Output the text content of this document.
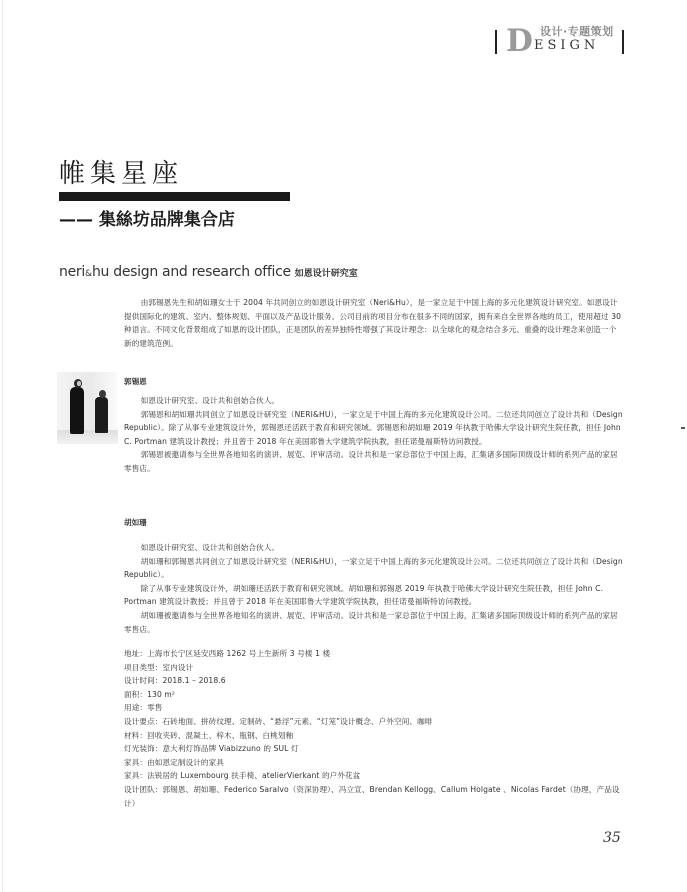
D 设计·专题策划
ESIGN
帷集星座
—— 集絲坊品牌集合店
neri&hu design and research office 如恩设计研究室

由郭锡恩先生和胡如珊女士于 2004 年共同创立的如恩设计研究室（Neri&Hu），是一家立足于中国上海的多元化建筑设计研究室。如恩设计提供国际化的建筑、室内、整体规划、平面以及产品设计服务。公司目前的项目分布在很多不同的国家，拥有来自全世界各地的员工，使用超过 30 种语言。不同文化背景组成了如恩的设计团队，正是团队的差异独特性增强了其设计理念：以全球化的观念结合多元、重叠的设计理念来创造一个新的建筑范例。

郭锡恩

如恩设计研究室、设计共和创始合伙人。

郭锡恩和胡如珊共同创立了如恩设计研究室（NERI&HU），一家立足于中国上海的多元化建筑设计公司。二位还共同创立了设计共和（Design Republic）。除了从事专业建筑设计外，郭锡恩还活跃于教育和研究领域。郭锡恩和胡如珊 2019 年执教于哈佛大学设计研究生院任教，担任 John C. Portman 建筑设计教授；并且曾于 2018 年在美国耶鲁大学建筑学院执教，担任诺曼福斯特访问教授。

郭锡恩被邀请参与全世界各地知名的演讲、展览、评审活动。设计共和是一家总部位于中国上海，汇集诸多国际顶级设计师的系列产品的家居零售店。

胡如珊

如恩设计研究室、设计共和创始合伙人。

胡如珊和郭锡恩共同创立了如恩设计研究室（NERI&HU），一家立足于中国上海的多元化建筑设计公司。二位还共同创立了设计共和（Design Republic）。

除了从事专业建筑设计外，胡如珊还活跃于教育和研究领域。胡如珊和郭锡恩 2019 年执教于哈佛大学设计研究生院任教，担任 John C. Portman 建筑设计教授；并且曾于 2018 年在美国耶鲁大学建筑学院执教，担任诺曼福斯特访问教授。

胡如珊被邀请参与全世界各地知名的演讲、展览、评审活动。设计共和是一家总部位于中国上海，汇集诸多国际顶级设计师的系列产品的家居零售店。

地址：上海市长宁区延安西路 1262 号上生新所 3 号楼 1 楼

项目类型：室内设计

设计时间：2018.1 – 2018.6

面积：130 m²

用途：零售

设计要点：石砖地面、拼砖纹理、定制砖、“悬浮”元素、“灯笼”设计概念、户外空间、咖啡

材料：回收夹砖、混凝土、梓木、瓶钢、白桃划釉

灯光装饰：意大利灯饰品牌 Viabizzuno 的 SUL 灯

家具：由如恩定制设计的家具

家具：法锐居的 Luxembourg 扶手椅、atelierVierkant 的户外花盆

设计团队：郭锡恩、胡如珊、Federico Saralvo（资深协理）、冯立宣、Brendan Kellogg、Callum Holgate 、Nicolas Fardet（协理，产品设计）

35
